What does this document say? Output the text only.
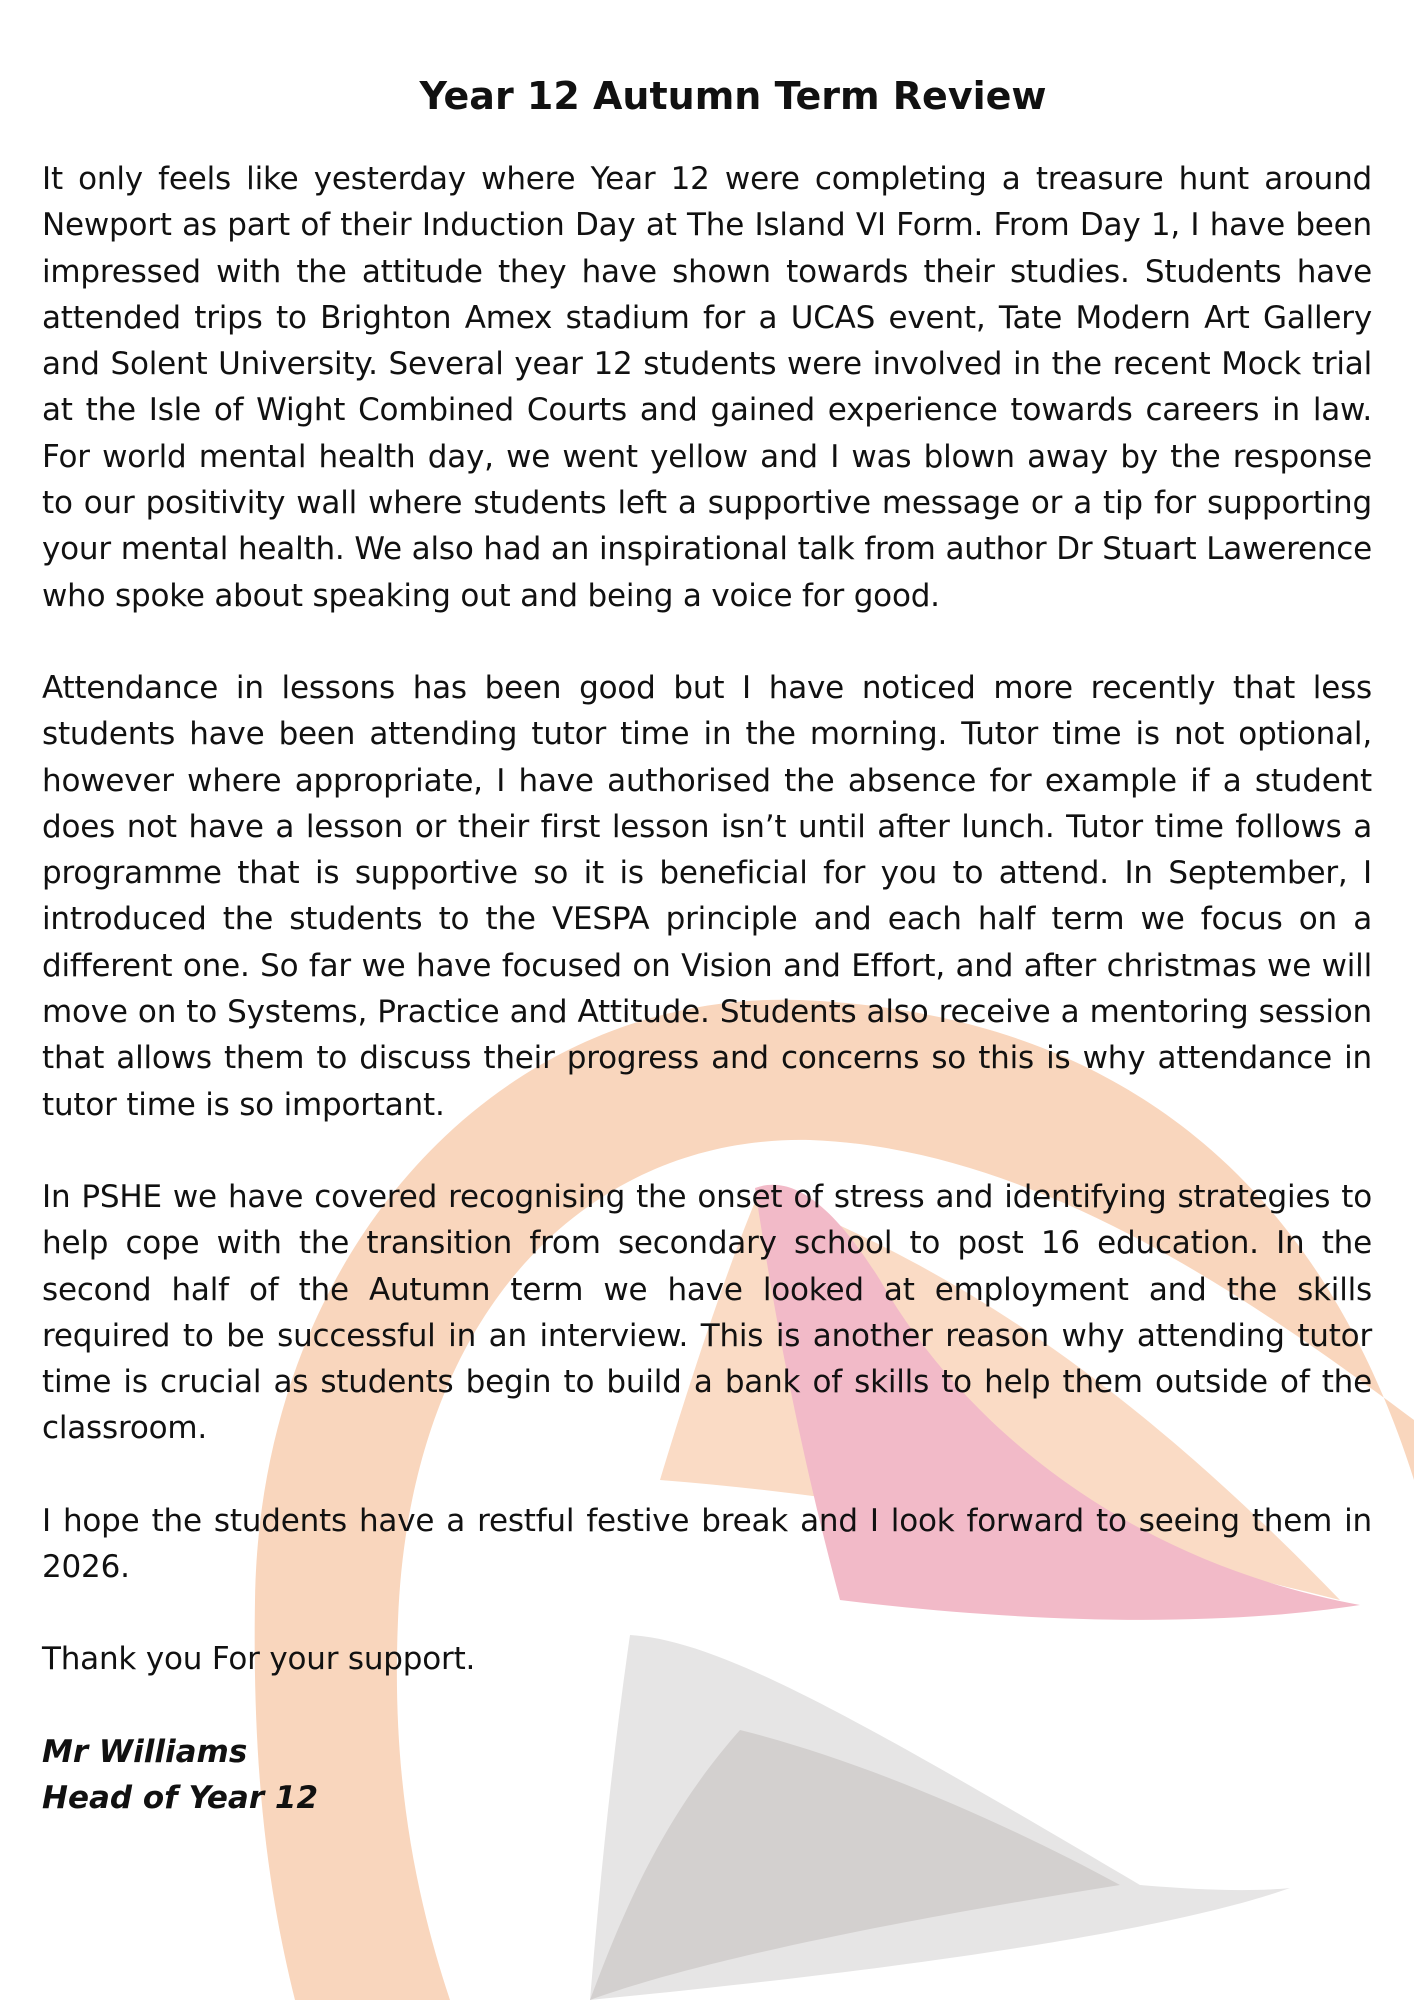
Year 12 Autumn Term Review

It only feels like yesterday where Year 12 were completing a treasure hunt around Newport as part of their Induction Day at The Island VI Form. From Day 1, I have been impressed with the attitude they have shown towards their studies. Students have attended trips to Brighton Amex stadium for a UCAS event, Tate Modern Art Gallery and Solent University. Several year 12 students were involved in the recent Mock trial at the Isle of Wight Combined Courts and gained experience towards careers in law. For world mental health day, we went yellow and I was blown away by the response to our positivity wall where students left a supportive message or a tip for supporting your mental health. We also had an inspirational talk from author Dr Stuart Lawerence who spoke about speaking out and being a voice for good.

Attendance in lessons has been good but I have noticed more recently that less students have been attending tutor time in the morning. Tutor time is not optional, however where appropriate, I have authorised the absence for example if a student does not have a lesson or their first lesson isn’t until after lunch. Tutor time follows a programme that is supportive so it is beneficial for you to attend. In September, I introduced the students to the VESPA principle and each half term we focus on a different one. So far we have focused on Vision and Effort, and after christmas we will move on to Systems, Practice and Attitude. Students also receive a mentoring session that allows them to discuss their progress and concerns so this is why attendance in tutor time is so important.

In PSHE we have covered recognising the onset of stress and identifying strategies to help cope with the transition from secondary school to post 16 education. In the second half of the Autumn term we have looked at employment and the skills required to be successful in an interview. This is another reason why attending tutor time is crucial as students begin to build a bank of skills to help them outside of the classroom.

I hope the students have a restful festive break and I look forward to seeing them in 2026.

Thank you For your support.

Mr Williams

Head of Year 12
